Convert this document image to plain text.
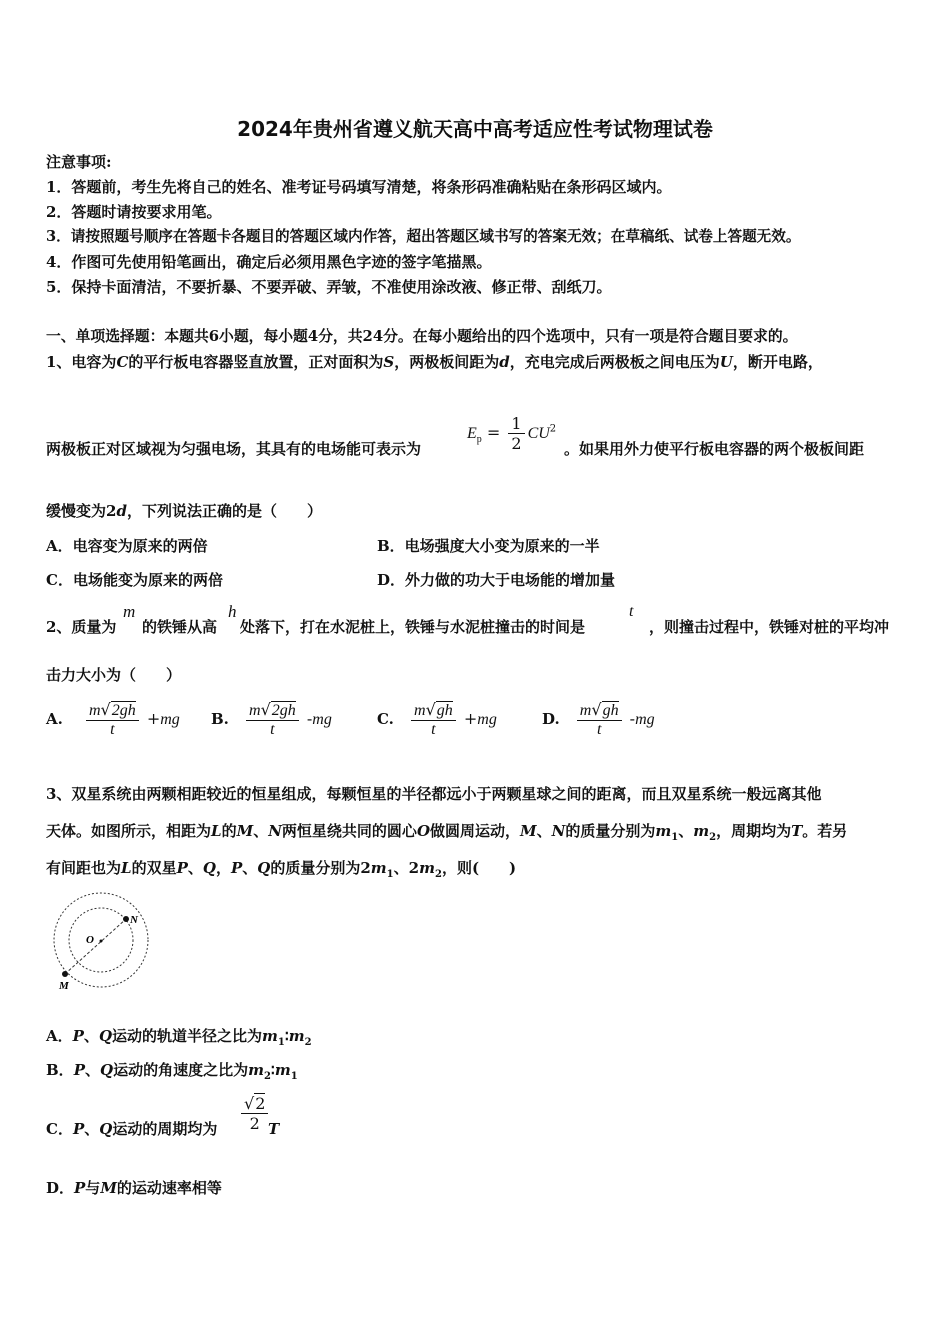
2024年贵州省遵义航天高中高考适应性考试物理试卷
注意事项:
1．答题前，考生先将自己的姓名、准考证号码填写清楚，将条形码准确粘贴在条形码区域内。
2．答题时请按要求用笔。
3．请按照题号顺序在答题卡各题目的答题区域内作答，超出答题区域书写的答案无效；在草稿纸、试卷上答题无效。
4．作图可先使用铅笔画出，确定后必须用黑色字迹的签字笔描黑。
5．保持卡面清洁，不要折暴、不要弄破、弄皱，不准使用涂改液、修正带、刮纸刀。
一、单项选择题：本题共6小题，每小题4分，共24分。在每小题给出的四个选项中，只有一项是符合题目要求的。
1、电容为C的平行板电容器竖直放置，正对面积为S，两极板间距为d，充电完成后两极板之间电压为U，断开电路，
两极板正对区域视为匀强电场，其具有的电场能可表示为
$E_p = \frac{1}{2} CU^2$
。如果用外力使平行板电容器的两个极板间距
缓慢变为2d，下列说法正确的是（　　）
A．电容变为原来的两倍	B．电场强度大小变为原来的一半
C．电场能变为原来的两倍	D．外力做的功大于电场能的增加量
2、质量为
m
的铁锤从高
h
处落下，打在水泥桩上，铁锤与水泥桩撞击的时间是
t
，则撞击过程中，铁锤对桩的平均冲
击力大小为（　　）
A. $\frac{m√2gh}{t} +mg$ B. $\frac{m√2gh}{t} -mg$	C. $\frac{m√gh}{t} +mg$	D. $\frac{m√gh}{t} -mg$
3、双星系统由两颗相距较近的恒星组成，每颗恒星的半径都远小于两颗星球之间的距离，而且双星系统一般远离其他
天体。如图所示，相距为L的M、N两恒星绕共同的圆心O做圆周运动，M、N的质量分别为$m_1$、$m_2$，周期均为T。若另
有间距也为L的双星P、Q，P、Q的质量分别为$2m_1$、$2m_2$，则(　　)
O
N
M
A．P、Q运动的轨道半径之比为$m_1∶m_2$
B．P、Q运动的角速度之比为$m_2∶m_1$
C．P、Q运动的周期均为 $\frac{√2}{2}$ T
D．P与M的运动速率相等
